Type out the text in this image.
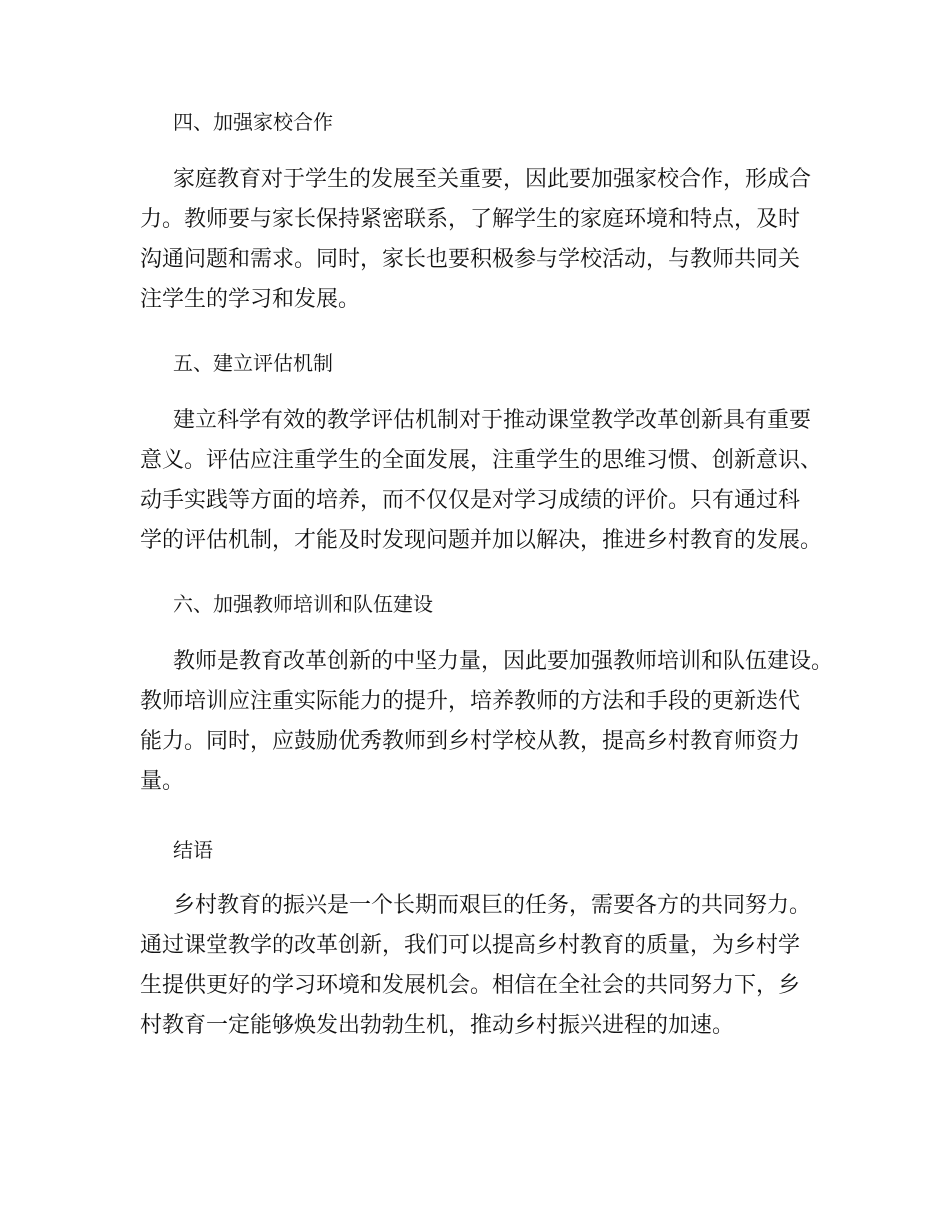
四、加强家校合作
家庭教育对于学生的发展至关重要，因此要加强家校合作，形成合
力。教师要与家长保持紧密联系，了解学生的家庭环境和特点，及时
沟通问题和需求。同时，家长也要积极参与学校活动，与教师共同关
注学生的学习和发展。
五、建立评估机制
建立科学有效的教学评估机制对于推动课堂教学改革创新具有重要
意义。评估应注重学生的全面发展，注重学生的思维习惯、创新意识、
动手实践等方面的培养，而不仅仅是对学习成绩的评价。只有通过科
学的评估机制，才能及时发现问题并加以解决，推进乡村教育的发展。
六、加强教师培训和队伍建设
教师是教育改革创新的中坚力量，因此要加强教师培训和队伍建设。
教师培训应注重实际能力的提升，培养教师的方法和手段的更新迭代
能力。同时，应鼓励优秀教师到乡村学校从教，提高乡村教育师资力
量。
结语
乡村教育的振兴是一个长期而艰巨的任务，需要各方的共同努力。
通过课堂教学的改革创新，我们可以提高乡村教育的质量，为乡村学
生提供更好的学习环境和发展机会。相信在全社会的共同努力下，乡
村教育一定能够焕发出勃勃生机，推动乡村振兴进程的加速。
